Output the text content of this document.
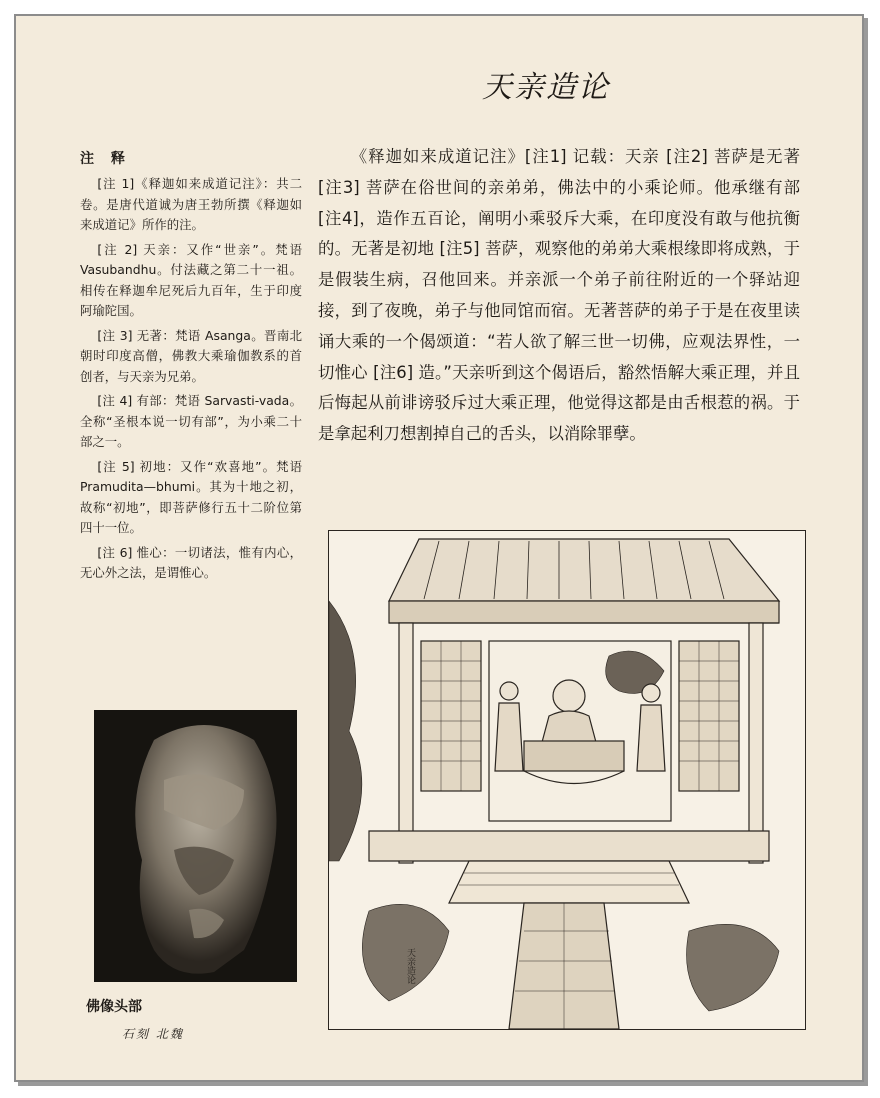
天亲造论
注 释
[注 1]《释迦如来成道记注》：共二卷。是唐代道诚为唐王勃所撰《释迦如来成道记》所作的注。
[注 2] 天亲：又作“世亲”。梵语 Vasubandhu。付法藏之第二十一祖。相传在释迦牟尼死后九百年，生于印度阿瑜陀国。
[注 3] 无著：梵语 Asanga。晋南北朝时印度高僧，佛教大乘瑜伽教系的首创者，与天亲为兄弟。
[注 4] 有部：梵语 Sarvasti-vada。全称“圣根本说一切有部”，为小乘二十部之一。
[注 5] 初地：又作“欢喜地”。梵语 Pramudita—bhumi。其为十地之初，故称“初地”，即菩萨修行五十二阶位第四十一位。
[注 6] 惟心：一切诸法，惟有内心，无心外之法，是谓惟心。

《释迦如来成道记注》[注1] 记载：天亲 [注2] 菩萨是无著 [注3] 菩萨在俗世间的亲弟弟，佛法中的小乘论师。他承继有部 [注4]，造作五百论，阐明小乘驳斥大乘，在印度没有敢与他抗衡的。无著是初地 [注5] 菩萨，观察他的弟弟大乘根缘即将成熟，于是假装生病，召他回来。并亲派一个弟子前往附近的一个驿站迎接，到了夜晚，弟子与他同馆而宿。无著菩萨的弟子于是在夜里读诵大乘的一个偈颂道：“若人欲了解三世一切佛，应观法界性，一切惟心 [注6] 造。”天亲听到这个偈语后，豁然悟解大乘正理，并且后悔起从前诽谤驳斥过大乘正理，他觉得这都是由舌根惹的祸。于是拿起利刀想割掉自己的舌头，以消除罪孽。

佛像头部
石刻 北魏
天亲造论
